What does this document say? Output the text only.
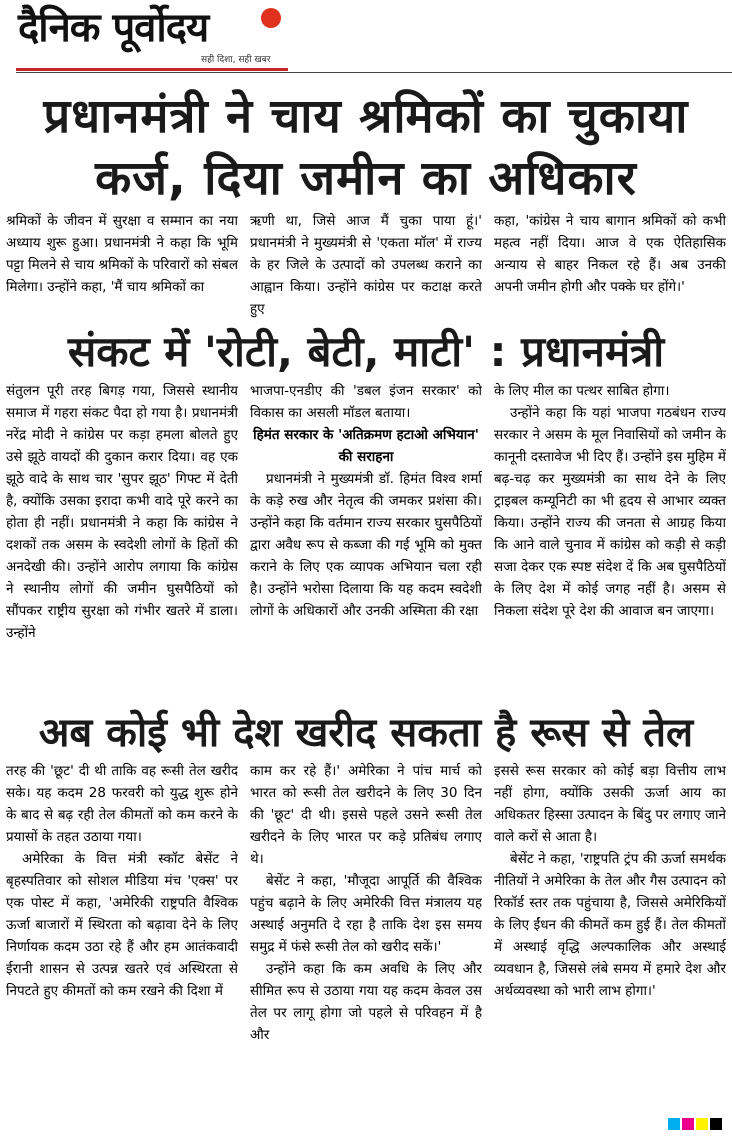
दैनिक पूर्वोदय
सही दिशा, सही खबर
प्रधानमंत्री ने चाय श्रमिकों का चुकाया
कर्ज, दिया जमीन का अधिकार

श्रमिकों के जीवन में सुरक्षा व सम्मान का नया अध्याय शुरू हुआ। प्रधानमंत्री ने कहा कि भूमि पट्टा मिलने से चाय श्रमिकों के परिवारों को संबल मिलेगा। उन्होंने कहा, 'मैं चाय श्रमिकों का

ऋणी था, जिसे आज मैं चुका पाया हूं।' प्रधानमंत्री ने मुख्यमंत्री से 'एकता मॉल' में राज्य के हर जिले के उत्पादों को उपलब्ध कराने का आह्वान किया। उन्होंने कांग्रेस पर कटाक्ष करते हुए

कहा, 'कांग्रेस ने चाय बागान श्रमिकों को कभी महत्व नहीं दिया। आज वे एक ऐतिहासिक अन्याय से बाहर निकल रहे हैं। अब उनकी अपनी जमीन होगी और पक्के घर होंगे।'

संकट में 'रोटी, बेटी, माटी' : प्रधानमंत्री

संतुलन पूरी तरह बिगड़ गया, जिससे स्थानीय समाज में गहरा संकट पैदा हो गया है। प्रधानमंत्री नरेंद्र मोदी ने कांग्रेस पर कड़ा हमला बोलते हुए उसे झूठे वायदों की दुकान करार दिया। वह एक झूठे वादे के साथ चार 'सुपर झूठ' गिफ्ट में देती है, क्योंकि उसका इरादा कभी वादे पूरे करने का होता ही नहीं। प्रधानमंत्री ने कहा कि कांग्रेस ने दशकों तक असम के स्वदेशी लोगों के हितों की अनदेखी की। उन्होंने आरोप लगाया कि कांग्रेस ने स्थानीय लोगों की जमीन घुसपैठियों को सौंपकर राष्ट्रीय सुरक्षा को गंभीर खतरे में डाला। उन्होंने

भाजपा-एनडीए की 'डबल इंजन सरकार' को विकास का असली मॉडल बताया।

हिमंत सरकार के 'अतिक्रमण हटाओ अभियान' की सराहना

प्रधानमंत्री ने मुख्यमंत्री डॉ. हिमंत विश्व शर्मा के कड़े रुख और नेतृत्व की जमकर प्रशंसा की। उन्होंने कहा कि वर्तमान राज्य सरकार घुसपैठियों द्वारा अवैध रूप से कब्जा की गई भूमि को मुक्त कराने के लिए एक व्यापक अभियान चला रही है। उन्होंने भरोसा दिलाया कि यह कदम स्वदेशी लोगों के अधिकारों और उनकी अस्मिता की रक्षा

के लिए मील का पत्थर साबित होगा।

उन्होंने कहा कि यहां भाजपा गठबंधन राज्य सरकार ने असम के मूल निवासियों को जमीन के कानूनी दस्तावेज भी दिए हैं। उन्होंने इस मुहिम में बढ़-चढ़ कर मुख्यमंत्री का साथ देने के लिए ट्राइबल कम्यूनिटी का भी हृदय से आभार व्यक्त किया। उन्होंने राज्य की जनता से आग्रह किया कि आने वाले चुनाव में कांग्रेस को कड़ी से कड़ी सजा देकर एक स्पष्ट संदेश दें कि अब घुसपैठियों के लिए देश में कोई जगह नहीं है। असम से निकला संदेश पूरे देश की आवाज बन जाएगा।

अब कोई भी देश खरीद सकता है रूस से तेल

तरह की 'छूट' दी थी ताकि वह रूसी तेल खरीद सके। यह कदम 28 फरवरी को युद्ध शुरू होने के बाद से बढ़ रही तेल कीमतों को कम करने के प्रयासों के तहत उठाया गया।

अमेरिका के वित्त मंत्री स्कॉट बेसेंट ने बृहस्पतिवार को सोशल मीडिया मंच 'एक्स' पर एक पोस्ट में कहा, 'अमेरिकी राष्ट्रपति वैश्विक ऊर्जा बाजारों में स्थिरता को बढ़ावा देने के लिए निर्णायक कदम उठा रहे हैं और हम आतंकवादी ईरानी शासन से उत्पन्न खतरे एवं अस्थिरता से निपटते हुए कीमतों को कम रखने की दिशा में

काम कर रहे हैं।' अमेरिका ने पांच मार्च को भारत को रूसी तेल खरीदने के लिए 30 दिन की 'छूट' दी थी। इससे पहले उसने रूसी तेल खरीदने के लिए भारत पर कड़े प्रतिबंध लगाए थे।

बेसेंट ने कहा, 'मौजूदा आपूर्ति की वैश्विक पहुंच बढ़ाने के लिए अमेरिकी वित्त मंत्रालय यह अस्थाई अनुमति दे रहा है ताकि देश इस समय समुद्र में फंसे रूसी तेल को खरीद सकें।'

उन्होंने कहा कि कम अवधि के लिए और सीमित रूप से उठाया गया यह कदम केवल उस तेल पर लागू होगा जो पहले से परिवहन में है और

इससे रूस सरकार को कोई बड़ा वित्तीय लाभ नहीं होगा, क्योंकि उसकी ऊर्जा आय का अधिकतर हिस्सा उत्पादन के बिंदु पर लगाए जाने वाले करों से आता है।

बेसेंट ने कहा, 'राष्ट्रपति ट्रंप की ऊर्जा समर्थक नीतियों ने अमेरिका के तेल और गैस उत्पादन को रिकॉर्ड स्तर तक पहुंचाया है, जिससे अमेरिकियों के लिए ईंधन की कीमतें कम हुई हैं। तेल कीमतों में अस्थाई वृद्धि अल्पकालिक और अस्थाई व्यवधान है, जिससे लंबे समय में हमारे देश और अर्थव्यवस्था को भारी लाभ होगा।'
